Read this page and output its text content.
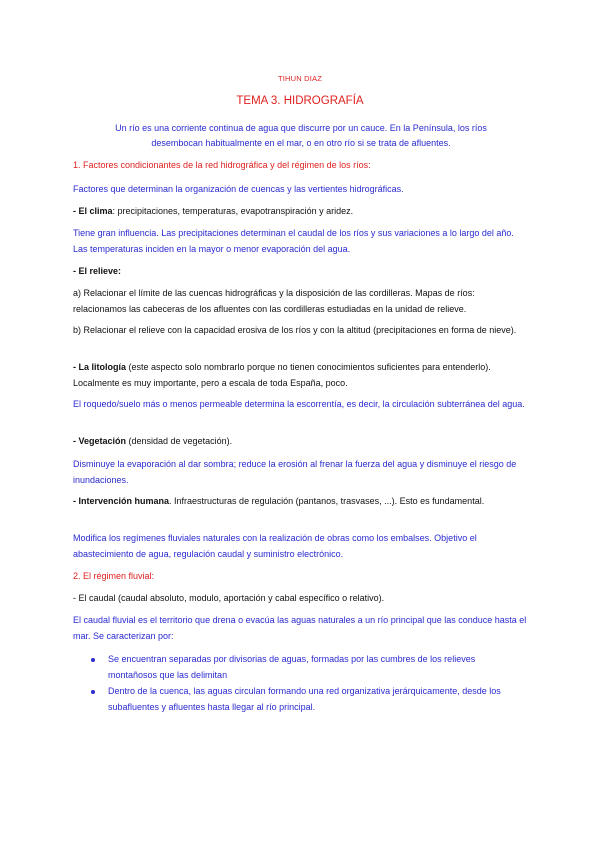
TIHUN DIAZ
TEMA 3. HIDROGRAFÍA
Un río es una corriente continua de agua que discurre por un cauce. En la Península, los ríos desembocan habitualmente en el mar, o en otro río si se trata de afluentes.
1. Factores condicionantes de la red hidrográfica y del régimen de los ríos:
Factores que determinan la organización de cuencas y las vertientes hidrográficas.
- El clima: precipitaciones, temperaturas, evapotranspiración y aridez.
Tiene gran influencia. Las precipitaciones determinan el caudal de los ríos y sus variaciones a lo largo del año. Las temperaturas inciden en la mayor o menor evaporación del agua.
- El relieve:
a) Relacionar el límite de las cuencas hidrográficas y la disposición de las cordilleras. Mapas de ríos: relacionamos las cabeceras de los afluentes con las cordilleras estudiadas en la unidad de relieve.
b) Relacionar el relieve con la capacidad erosiva de los ríos y con la altitud (precipitaciones en forma de nieve).
- La litología (este aspecto solo nombrarlo porque no tienen conocimientos suficientes para entenderlo). Localmente es muy importante, pero a escala de toda España, poco.
El roquedo/suelo más o menos permeable determina la escorrentía, es decir, la circulación subterránea del agua.
- Vegetación (densidad de vegetación).
Disminuye la evaporación al dar sombra; reduce la erosión al frenar la fuerza del agua y disminuye el riesgo de inundaciones.
- Intervención humana. Infraestructuras de regulación (pantanos, trasvases, ...). Esto es fundamental.
Modifica los regímenes fluviales naturales con la realización de obras como los embalses. Objetivo el abastecimiento de agua, regulación caudal y suministro electrónico.
2. El régimen fluvial:
- El caudal (caudal absoluto, modulo, aportación y cabal específico o relativo).
El caudal fluvial es el territorio que drena o evacúa las aguas naturales a un río principal que las conduce hasta el mar. Se caracterizan por:
Se encuentran separadas por divisorias de aguas, formadas por las cumbres de los relieves montañosos que las delimitan
Dentro de la cuenca, las aguas circulan formando una red organizativa jerárquicamente, desde los subafluentes y afluentes hasta llegar al río principal.
